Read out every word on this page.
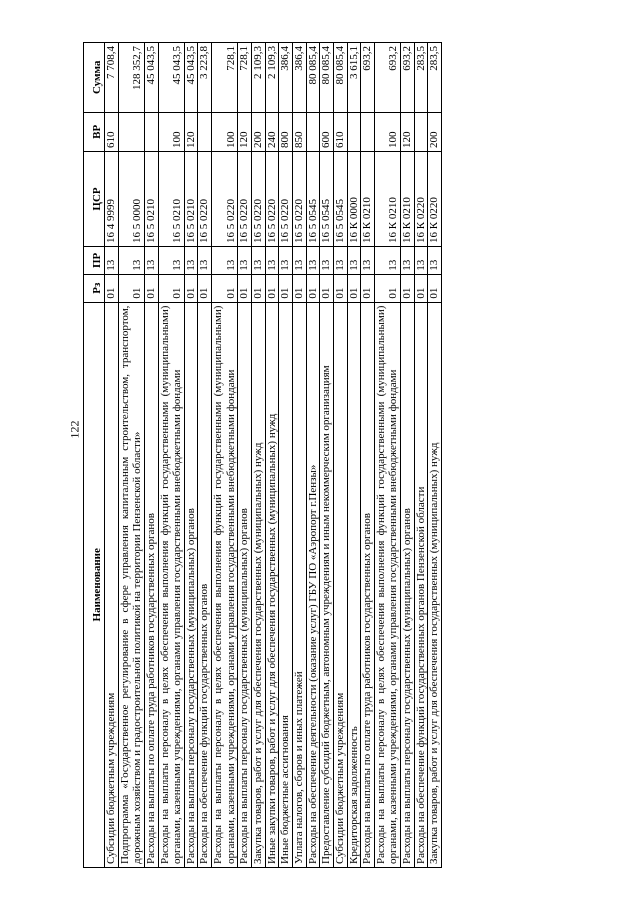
122
Наименование	Рз	ПР	ЦСР	ВР	Сумма
Субсидии бюджетным учреждениям	01	13	16 4 9999	610	7 708,4
Подпрограмма «Государственное регулирование в сфере управления капитальным строительством, транспортом, дорожным хозяйством и градостроительной политикой на территории Пензенской области»	01	13	16 5 0000		128 352,7
Расходы на выплаты по оплате труда работников государственных органов	01	13	16 5 0210		45 043,5
Расходы на выплаты персоналу в целях обеспечения выполнения функций государственными (муниципальными) органами, казенными учреждениями, органами управления государственными внебюджетными фондами	01	13	16 5 0210	100	45 043,5
Расходы на выплаты персоналу государственных (муниципальных) органов	01	13	16 5 0210	120	45 043,5
Расходы на обеспечение функций государственных органов	01	13	16 5 0220		3 223,8
Расходы на выплаты персоналу в целях обеспечения выполнения функций государственными (муниципальными) органами, казенными учреждениями, органами управления государственными внебюджетными фондами	01	13	16 5 0220	100	728,1
Расходы на выплаты персоналу государственных (муниципальных) органов	01	13	16 5 0220	120	728,1
Закупка товаров, работ и услуг для обеспечения государственных (муниципальных) нужд	01	13	16 5 0220	200	2 109,3
Иные закупки товаров, работ и услуг для обеспечения государственных (муниципальных) нужд	01	13	16 5 0220	240	2 109,3
Иные бюджетные ассигнования	01	13	16 5 0220	800	386,4
Уплата налогов, сборов и иных платежей	01	13	16 5 0220	850	386,4
Расходы на обеспечение деятельности (оказание услуг) ГБУ ПО «Аэропорт г.Пензы»	01	13	16 5 0545		80 085,4
Предоставление субсидий бюджетным, автономным учреждениям и иным некоммерческим организациям	01	13	16 5 0545	600	80 085,4
Субсидии бюджетным учреждениям	01	13	16 5 0545	610	80 085,4
Кредиторская задолженность	01	13	16 К 0000		3 615,1
Расходы на выплаты по оплате труда работников государственных органов	01	13	16 К 0210		693,2
Расходы на выплаты персоналу в целях обеспечения выполнения функций государственными (муниципальными) органами, казенными учреждениями, органами управления государственными внебюджетными фондами	01	13	16 К 0210	100	693,2
Расходы на выплаты персоналу государственных (муниципальных) органов	01	13	16 К 0210	120	693,2
Расходы на обеспечение функций государственных органов Пензенской области	01	13	16 К 0220		283,5
Закупка товаров, работ и услуг для обеспечения государственных (муниципальных) нужд	01	13	16 К 0220	200	283,5
